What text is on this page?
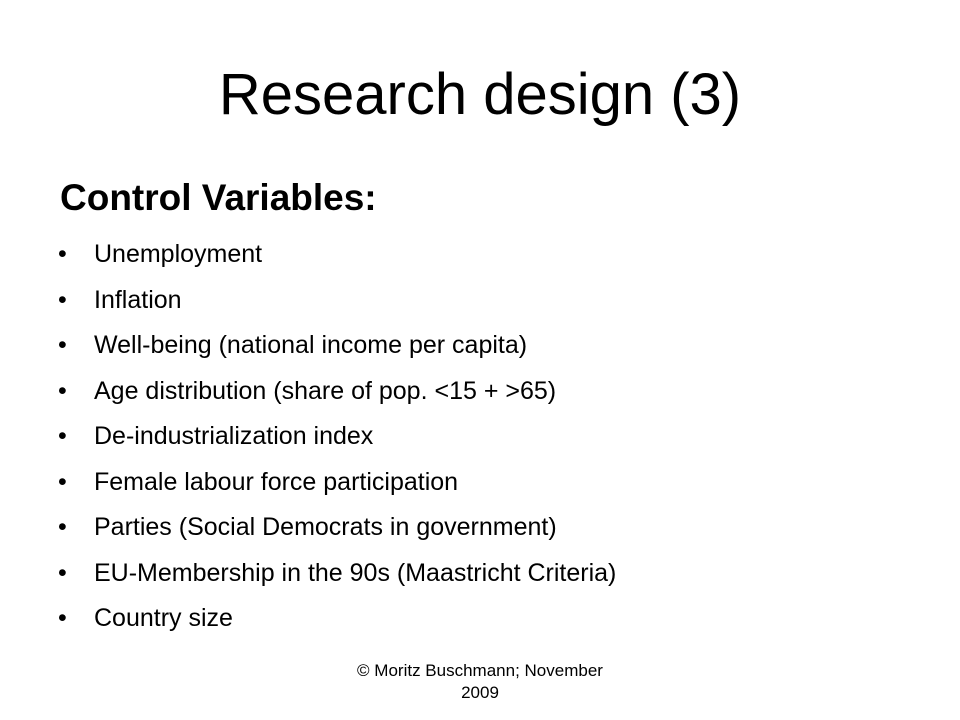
Research design (3)
Control Variables:
•	Unemployment
•	Inflation
•	Well-being (national income per capita)
•	Age distribution (share of pop. <15 + >65)
•	De-industrialization index
•	Female labour force participation
•	Parties (Social Democrats in government)
•	EU-Membership in the 90s (Maastricht Criteria)
•	Country size
© Moritz Buschmann; November
2009
